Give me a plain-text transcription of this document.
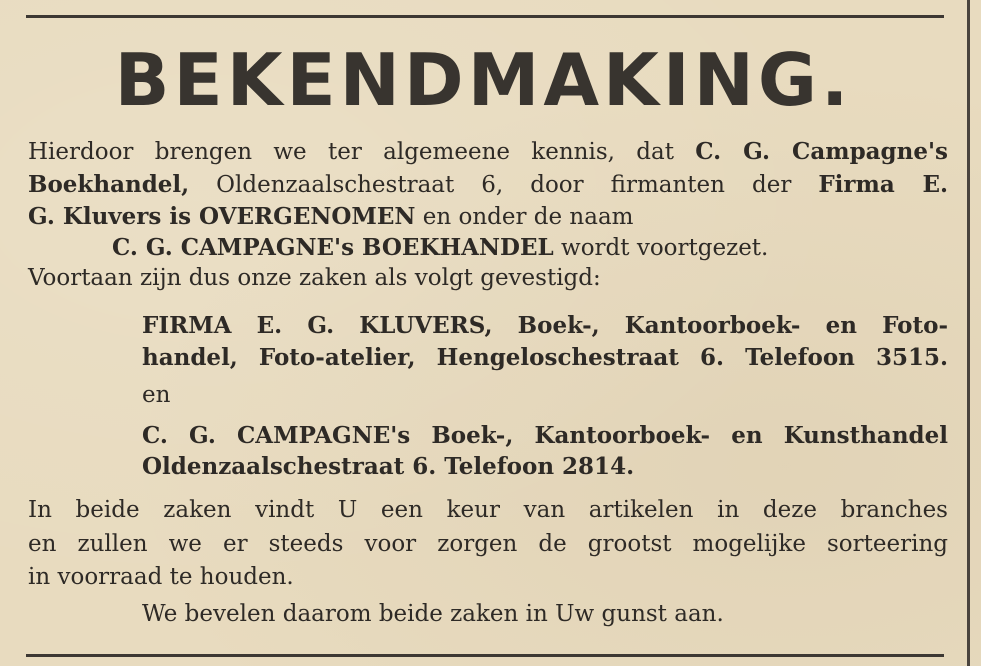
BEKENDMAKING.
Hierdoor brengen we ter algemeene kennis, dat C. G. Campagne's
Boekhandel, Oldenzaalschestraat 6, door firmanten der Firma E.
G. Kluvers is OVERGENOMEN en onder de naam
C. G. CAMPAGNE's BOEKHANDEL wordt voortgezet.
Voortaan zijn dus onze zaken als volgt gevestigd:
FIRMA E. G. KLUVERS, Boek-, Kantoorboek- en Foto-
handel, Foto-atelier, Hengeloschestraat 6. Telefoon 3515.
en
C. G. CAMPAGNE's Boek-, Kantoorboek- en Kunsthandel
Oldenzaalschestraat 6. Telefoon 2814.
In beide zaken vindt U een keur van artikelen in deze branches
en zullen we er steeds voor zorgen de grootst mogelijke sorteering
in voorraad te houden.
We bevelen daarom beide zaken in Uw gunst aan.
